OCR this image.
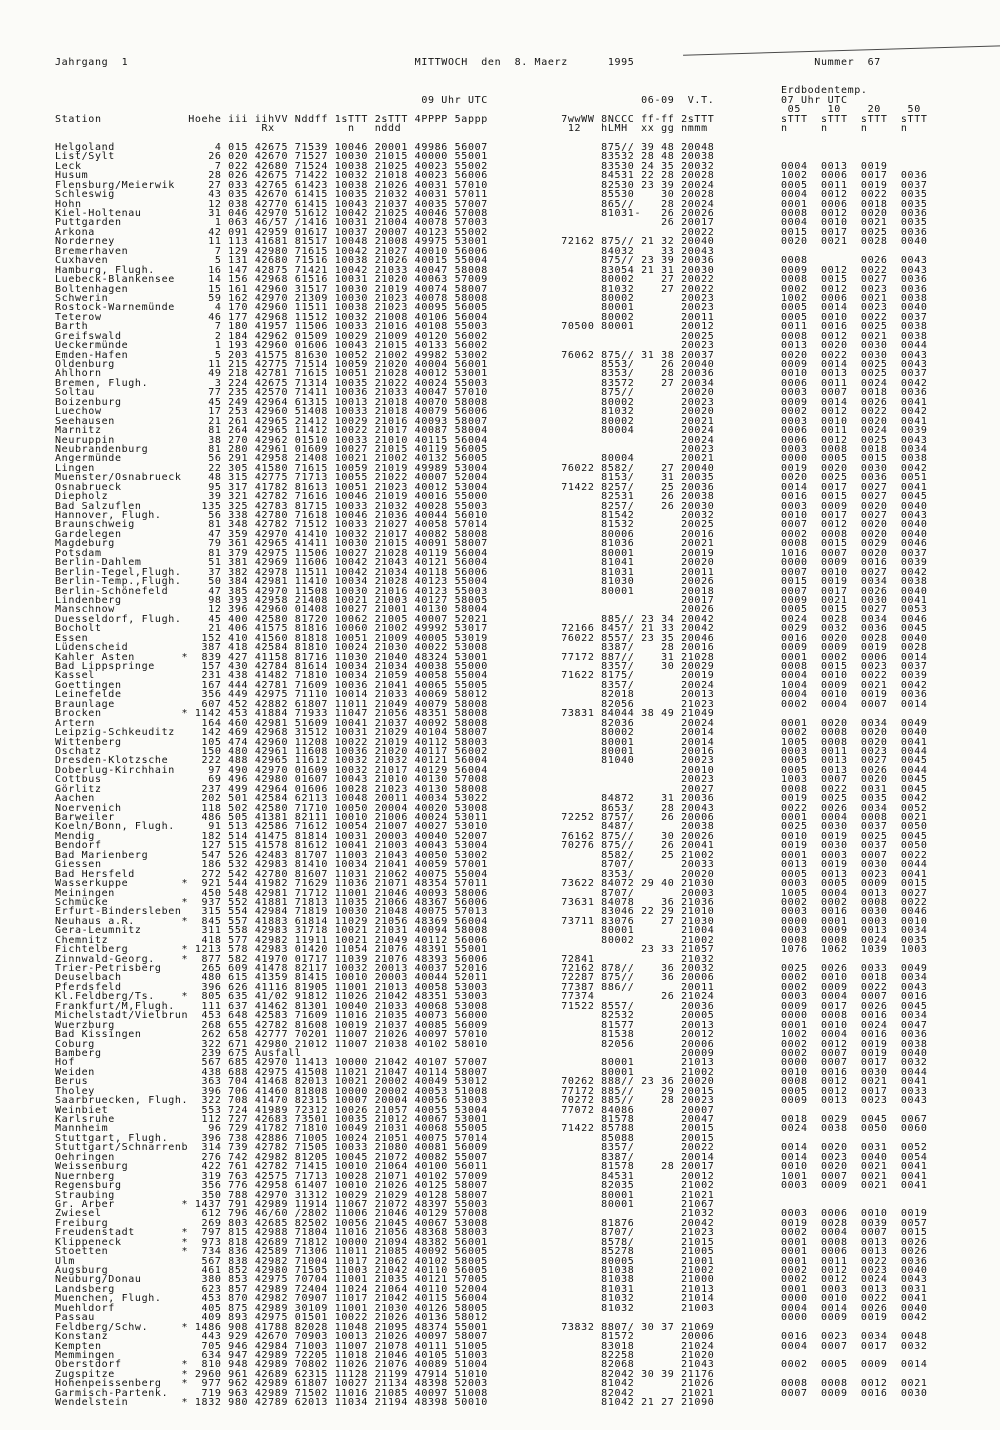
Jahrgang  1                                           MITTWOCH  den  8. Maerz      1995                           Nummer  67

Erdbodentemp.
09 Uhr UTC                       06-09  V.T.          07 Uhr UTC
05    10    20    50
Station             Hoehe iii iihVV Nddff 1sTTT 2sTTT 4PPPP 5appp           7wwWW 8NCCC ff-ff 2sTTT          sTTT  sTTT  sTTT  sTTT
Rx           n   nddd                         12   hLMH  xx gg nmmm           n     n     n     n

Helgoland               4 015 42675 71539 10046 20001 49986 56007                 875// 39 48 20048
List/Sylt              26 020 42670 71527 10030 21015 40000 55001                 83532 28 48 20038
Leck                    7 022 42680 71524 10038 21025 40023 55002                 83530 24 35 20032          0004  0013  0019
Husum                  28 026 42675 71422 10032 21018 40023 56006                 84531 22 28 20028          1002  0006  0017  0036
Flensburg/Meierwik     27 033 42765 61423 10038 21026 40031 57010                 82530 23 39 20024          0005  0011  0019  0037
Schleswig              43 035 42670 61415 10035 21032 40031 57011                 85530    30 20028          0004  0012  0022  0035
Hohn                   12 038 42770 61415 10043 21037 40035 57007                 865//    28 20024          0001  0006  0018  0035
Kiel-Holtenau          31 046 42970 51612 10042 21025 40046 57008                 81031-   26 20026          0008  0012  0020  0036
Puttgarden              1 063 46/57 /1416 10031 21004 40078 57003                          26 20017          0004  0010  0021  0035
Arkona                 42 091 42959 01617 10037 20007 40123 55002                             20022          0015  0017  0025  0036
Norderney              11 113 41681 81517 10048 21008 49975 53001           72162 875// 21 32 20040          0020  0021  0028  0040
Bremerhaven             7 129 42980 71615 10042 21027 40010 56006                 84032    33 20043
Cuxhaven                5 131 42680 71516 10038 21026 40015 55004                 875// 23 39 20036          0008        0026  0043
Hamburg, Flugh.        16 147 42875 71421 10042 21033 40047 58008                 83054 21 31 20030          0009  0012  0022  0043
Luebeck-Blankensee     14 156 42968 61516 10031 21020 40063 57009                 80002    27 20022          0008  0015  0027  0036
Boltenhagen            15 161 42960 31517 10030 21019 40074 58007                 81032    27 20022          0002  0012  0023  0036
Schwerin               59 162 42970 21309 10030 21023 40078 58008                 80002       20023          1002  0006  0021  0038
Rostock-Warnemünde      4 170 42960 11511 10038 21023 40095 56005                 80001       20023          0005  0014  0023  0040
Teterow                46 177 42968 11512 10032 21008 40106 56004                 80002       20011          0005  0010  0022  0037
Barth                   7 180 41957 11506 10033 21016 40108 55003           70500 80001       20012          0011  0016  0025  0038
Greifswald              2 184 42962 01509 10029 21009 40120 56002                             20025          0008  0012  0021  0038
Ueckermünde             1 193 42960 01606 10043 21015 40133 56002                             20023          0013  0020  0030  0044
Emden-Hafen             5 203 41575 81630 10052 21002 49982 53002           76062 875// 31 38 20037          0020  0022  0030  0043
Oldenburg              11 215 42775 71514 10059 21020 40004 56001                 8553/    26 20040          0009  0014  0025  0043
Ahlhorn                49 218 42781 71615 10051 21028 40012 53001                 8353/    28 20036          0010  0013  0025  0037
Bremen, Flugh.          3 224 42675 71314 10035 21022 40024 55003                 83572    27 20034          0006  0011  0024  0042
Soltau                 77 235 42570 71411 10036 21033 40047 57010                 875//       20020          0003  0007  0018  0036
Boizenburg             45 249 42964 61315 10013 21018 40070 58008                 80002       20023          0009  0014  0026  0041
Luechow                17 253 42960 51408 10033 21018 40079 56006                 81032       20020          0002  0012  0022  0042
Seehausen              21 261 42965 21412 10029 21016 40093 58007                 80002       20021          0003  0010  0020  0041
Marnitz                81 264 42965 11412 10022 21017 40087 58004                 80004       20024          0006  0011  0024  0039
Neuruppin              38 270 42962 01510 10033 21010 40115 56004                             20024          0006  0012  0025  0043
Neubrandenburg         81 280 42961 01609 10027 21015 40119 56005                             20023          0003  0008  0018  0034
Angermünde             56 291 42958 21408 10021 21002 40132 56005                 80004       20021          0000  0005  0015  0038
Lingen                 22 305 41580 71615 10059 21019 49989 53004           76022 8582/    27 20040          0019  0020  0030  0042
Muenster/Osnabrueck    48 315 42775 71713 10055 21022 40007 52004                 8153/    31 20035          0020  0025  0036  0051
Osnabrueck             95 317 41782 81613 10051 21023 40012 53004           71422 8257/    25 20036          0014  0017  0027  0041
Diepholz               39 321 42782 71616 10046 21019 40016 55000                 82531    26 20038          0016  0015  0027  0045
Bad Salzuflen         135 325 42783 81715 10033 21032 40028 55003                 8257/    26 20030          0003  0009  0020  0040
Hannover, Flugh.       56 338 42780 71618 10046 21036 40044 56010                 81542       20032          0010  0017  0027  0043
Braunschweig           81 348 42782 71512 10033 21027 40058 57014                 81532       20025          0007  0012  0020  0040
Gardelegen             47 359 42970 41410 10032 21017 40082 58008                 80006       20016          0002  0008  0020  0040
Magdeburg              79 361 42965 41411 10030 21015 40091 58007                 81036       20021          0008  0015  0029  0046
Potsdam                81 379 42975 11506 10027 21028 40119 56004                 80001       20019          1016  0007  0020  0037
Berlin-Dahlem          51 381 42969 11606 10042 21043 40121 56004                 81041       20020          0000  0009  0016  0039
Berlin-Tegel,Flugh.    37 382 42978 11511 10042 21034 40118 56006                 81031       20011          0007  0010  0027  0042
Berlin-Temp.,Flugh.    50 384 42981 11410 10034 21028 40123 55004                 81030       20026          0015  0019  0034  0038
Berlin-Schönefeld      47 385 42970 11508 10030 21016 40123 55003                 80001       20018          0007  0017  0026  0040
Lindenberg             98 393 42958 21408 10021 21003 40127 58005                             20017          0009  0021  0030  0041
Manschnow              12 396 42960 01408 10027 21001 40130 58004                             20026          0005  0015  0027  0053
Duesseldorf, Flugh.    45 400 42580 81720 10062 21005 40007 52021                 885// 23 34 20042          0024  0028  0034  0046
Bocholt                21 406 41575 81816 10060 21002 49992 53017           72166 8457/ 21 33 20042          0029  0032  0036  0045
Essen                 152 410 41560 81818 10051 21009 40005 53019           76022 8557/ 23 35 20046          0016  0020  0028  0040
Lüdenscheid           387 418 42584 81810 10024 21030 40022 53008                 8387/    28 20016          0009  0009  0019  0028
Kahler Asten       *  839 427 41158 81716 11030 21040 48324 53001           77172 887//    31 21028          0001  0002  0006  0014
Bad Lippspringe       157 430 42784 81614 10034 21034 40038 55000                 8357/    30 20029          0008  0015  0023  0037
Kassel                231 438 41482 71810 10034 21059 40058 55004           71622 8175/       20019          0004  0010  0022  0039
Goettingen            167 444 42781 71609 10036 21041 40065 55005                 8357/       20024          1004  0009  0021  0042
Leinefelde            356 449 42975 71110 10014 21033 40069 58012                 82018       20013          0004  0010  0019  0036
Braunlage             607 452 42882 61807 11011 21049 40079 58008                 82056       21023          0002  0004  0007  0014
Brocken            * 1142 453 41884 71933 11047 21056 48351 58008           73831 84044 38 49 21049
Artern                164 460 42981 51609 10041 21037 40092 58008                 82036       20024          0001  0020  0034  0049
Leipzig-Schkeuditz    142 469 42968 31512 10031 21029 40104 58007                 80002       20014          0002  0008  0020  0040
Wittenberg            105 474 42960 11208 10022 21019 40112 58003                 80001       20014          1005  0008  0020  0041
Oschatz               150 480 42961 11608 10036 21020 40117 56002                 80001       20016          0003  0011  0023  0044
Dresden-Klotzsche     222 488 42965 11612 10032 21032 40121 56004                 81040       20023          0005  0013  0027  0045
Doberlug-Kirchhain     97 490 42970 01609 10032 21017 40129 56004                             20010          0005  0013  0026  0044
Cottbus                69 496 42980 01607 10043 21010 40130 57008                             20023          1003  0007  0020  0045
Görlitz               237 499 42964 01606 10028 21023 40130 58008                             20027          0008  0022  0031  0045
Aachen                202 501 42584 62113 10048 20011 40034 53022                 84872    31 20036          0019  0025  0035  0042
Noervenich            118 502 42580 71710 10050 20004 40020 53008                 8653/    28 20043          0022  0026  0034  0052
Barweiler             486 505 41381 82111 10010 21006 40024 53011           72252 8757/    26 20006          0001  0004  0008  0021
Koeln/Bonn, Flugh.     91 513 42586 71612 10054 21007 40027 53010                 8487/       20038          0025  0030  0037  0050
Mendig                182 514 41475 81814 10031 20003 40040 52007           76162 875//    30 20026          0010  0019  0025  0045
Bendorf               127 515 41578 81612 10041 21003 40043 53004           70276 875//    26 20041          0019  0030  0037  0050
Bad Marienberg        547 526 42483 81707 11003 21043 40050 53002                 8582/    25 21002          0001  0003  0007  0022
Giessen               186 532 42983 81410 10034 21041 40059 57001                 8707/       20033          0013  0019  0030  0044
Bad Hersfeld          272 542 42780 81607 11031 21062 40075 55004                 8353/       20020          0005  0013  0023  0041
Wasserkuppe        *  921 544 41982 71629 11036 21071 48354 57011           73622 84072 29 40 21030          0003  0005  0009  0015
Meiningen             450 548 42981 71712 11001 21046 40093 58006                 8707/       20003          1005  0004  0013  0027
Schmücke           *  937 552 41881 71813 11035 21066 48367 56006           73631 84078    36 21036          0002  0002  0008  0022
Erfurt-Bindersleben   315 554 42984 71819 10030 21048 40075 57013                 83046 22 29 21010          0003  0016  0030  0046
Neuhaus a.R.       *  845 557 41883 61814 11029 21056 48369 56004           73711 83076    27 21030          0000  0001  0003  0010
Gera-Leumnitz         311 558 42983 31718 10021 21031 40094 58008                 80001       21004          0003  0009  0013  0034
Chemnitz              418 577 42982 11911 10021 21049 40112 56006                 80002       21002          0008  0008  0024  0035
Fichtelberg        * 1213 578 42983 01420 11054 21076 48391 55001                       23 33 21057          1076  1062  1039  1003
Zinnwald-Georg.    *  877 582 41970 01717 11039 21076 48393 56006           72841             21032
Trier-Petrisberg      265 609 41478 82117 10032 20013 40037 52016           72162 878//    36 20032          0025  0026  0033  0049
Deuselbach            480 615 41359 81415 10010 20003 40044 52011           72287 875//    36 20006          0002  0010  0018  0034
Pferdsfeld            396 626 41116 81905 11001 21013 40058 53003           77387 886//       20011          0002  0009  0022  0043
Kl.Feldberg/Ts.    *  805 635 41/02 91812 11026 21042 48351 53003           77374          26 21024          0003  0004  0007  0016
Frankfurt/M,Flugh.    111 637 41462 81301 10040 21033 40068 53008           71522 8557/       20036          0009  0017  0026  0045
Michelstadt/Vielbrun  453 648 42583 71609 11016 21035 40073 56000                 82532       20005          0000  0008  0016  0034
Wuerzburg             268 655 42782 81608 10019 21037 40085 56009                 81577       20013          0001  0010  0024  0047
Bad Kissingen         262 658 42777 70201 11007 21026 40097 57010                 81538       20012          1002  0004  0016  0036
Coburg                322 671 42980 21012 11007 21038 40102 58010                 82056       20006          0002  0012  0019  0038
Bamberg               239 675 Ausfall                                                         20009          0002  0007  0019  0040
Hof                   567 685 42970 11413 10000 21042 40107 57007                 80001       21013          0000  0007  0017  0032
Weiden                438 688 42975 41508 11021 21047 40114 58007                 80001       21002          0010  0016  0030  0044
Berus                 363 704 41468 82013 10021 20002 40049 53012           70262 888// 23 36 20020          0008  0012  0021  0041
Tholey                396 706 41460 81808 10000 20002 40053 51008           77172 885//    29 20015          0005  0012  0017  0033
Saarbruecken, Flugh.  322 708 41470 82315 10007 20004 40056 53003           70272 885//    28 20023          0009  0013  0023  0043
Weinbiet              553 724 41989 72312 10026 21057 40055 53004           77072 84086       20007
Karlsruhe             112 727 42683 73501 10035 21012 40067 53001                 81578       20047          0018  0029  0045  0067
Mannheim               96 729 41782 71810 10049 21031 40068 55005           71422 85788       20015          0024  0038  0050  0060
Stuttgart, Flugh.     396 738 42886 71005 10024 21051 40075 57014                 85088       20015
Stuttgart/Schnarrenb  314 739 42782 71505 10033 21080 40081 56009                 8357/       20022          0014  0020  0031  0052
Oehringen             276 742 42982 81205 10045 21072 40082 55007                 8387/       20014          0014  0023  0040  0054
Weissenburg           422 761 42782 71415 10010 21064 40100 56011                 81578    28 20017          0010  0020  0021  0041
Nuernberg             319 763 42575 71713 10028 21071 40102 57009                 84531       20012          1001  0007  0021  0041
Regensburg            356 776 42958 61407 10010 21026 40125 58007                 82035       21002          0003  0009  0021  0041
Straubing             350 788 42970 31312 10029 21029 40128 58007                 80001       21021
Gr. Arber          * 1437 791 42989 11914 11067 21072 48397 55003                 80001       21067
Zwiesel               612 796 46/60 /2802 11006 21046 40129 57008                             21032          0003  0006  0010  0019
Freiburg              269 803 42685 82502 10056 21045 40067 53008                 81876       20042          0019  0028  0039  0057
Freudenstadt       *  797 815 42988 71804 11016 21056 48368 58003                 8707/       21023          0002  0004  0007  0015
Klippeneck         *  973 818 42689 71812 10000 21094 48382 56001                 8578/       21015          0001  0008  0013  0026
Stoetten           *  734 836 42589 71306 11011 21085 40092 56005                 85278       21005          0001  0006  0013  0026
Ulm                   567 838 42982 71004 11017 21062 40102 58005                 80005       21001          0001  0011  0022  0036
Augsburg              461 852 42980 71505 11003 21042 40110 56005                 81038       21002          0002  0012  0023  0040
Neuburg/Donau         380 853 42975 70704 11001 21035 40121 57005                 81038       21000          0002  0012  0024  0043
Landsberg             623 857 42989 72404 11024 21064 40110 52004                 81031       21013          0001  0003  0013  0031
Muenchen, Flugh.      453 870 42982 70907 11017 21042 40115 56004                 81032       21014          0000  0010  0022  0041
Muehldorf             405 875 42989 30109 11001 21030 40126 58005                 81032       21003          0004  0014  0026  0040
Passau                409 893 42975 01501 10022 21026 40136 58012                                            0000  0009  0019  0042
Feldberg/Schw.     * 1486 908 41788 82028 11048 21095 48374 55001           73832 8807/ 30 37 21069
Konstanz              443 929 42670 70903 10013 21026 40097 58007                 81572       20006          0016  0023  0034  0048
Kempten               705 946 42984 71003 11007 21078 40111 51005                 83018       21024          0004  0007  0017  0032
Memmingen             634 947 42989 72205 11018 21046 40105 51003                 82258       21020
Oberstdorf         *  810 948 42989 70802 11026 21076 40089 51004                 82068       21043          0002  0005  0009  0014
Zugspitze          * 2960 961 42689 62315 11128 21199 47914 51010                 82042 30 39 21176
Hohenpeissenberg   *  977 962 42989 61807 10027 21134 48398 52003                 81042       21026          0008  0008  0012  0021
Garmisch-Partenk.     719 963 42989 71502 11016 21085 40097 51008                 82042       21021          0007  0009  0016  0030
Wendelstein        * 1832 980 42789 62013 11034 21194 48398 50010                 81042 21 27 21090
